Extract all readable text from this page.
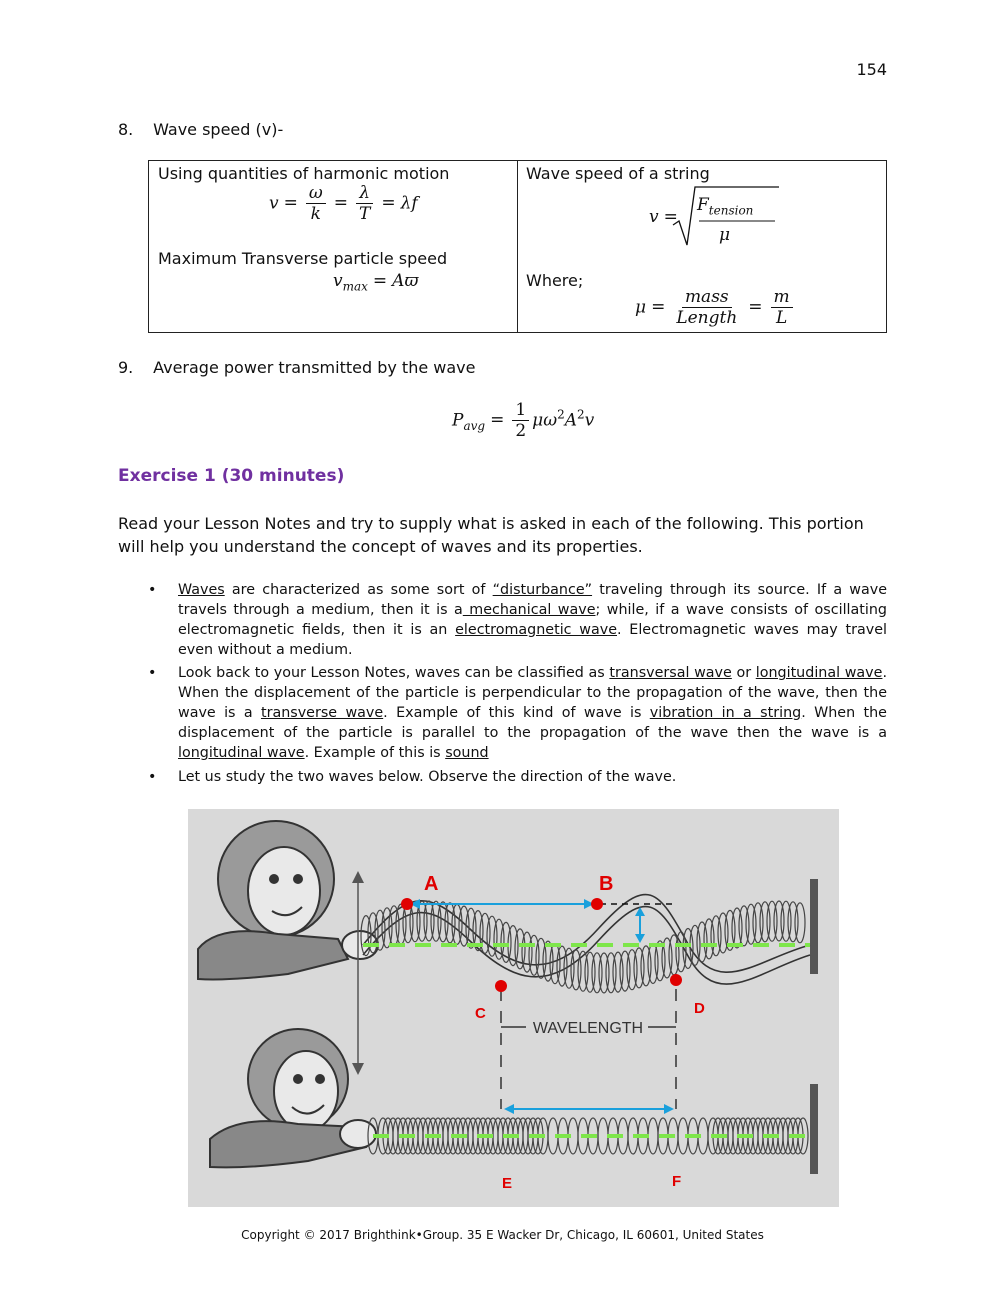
154
8. Wave speed (v)-
Using quantities of harmonic motion
$v = \frac{\omega}{k} = \frac{\lambda}{T} = \lambda f$
Maximum Transverse particle speed
$v_{max} = Aϖ$
Wave speed of a string
v =
$F_{tension}$
μ
Where;
$\mu = \frac{\text{mass}}{\text{Length}} = \frac{m}{L}$
9. Average power transmitted by the wave
$P_{avg} = \frac{1}{2} \mu\omega^2A^2v$
Exercise 1 (30 minutes)
Read your Lesson Notes and try to supply what is asked in each of the following. This portion will help you understand the concept of waves and its properties.
• Waves are characterized as some sort of “disturbance” traveling through its source. If a wave travels through a medium, then it is a mechanical wave; while, if a wave consists of oscillating electromagnetic fields, then it is an electromagnetic wave. Electromagnetic waves may travel even without a medium.
• Look back to your Lesson Notes, waves can be classified as transversal wave or longitudinal wave. When the displacement of the particle is perpendicular to the propagation of the wave, then the wave is a transverse wave. Example of this kind of wave is vibration in a string. When the displacement of the particle is parallel to the propagation of the wave then the wave is a longitudinal wave. Example of this is sound
• Let us study the two waves below. Observe the direction of the wave.
WAVELENGTH
A	B
C	D
E	F
Copyright © 2017 Brighthink•Group. 35 E Wacker Dr, Chicago, IL 60601, United States
